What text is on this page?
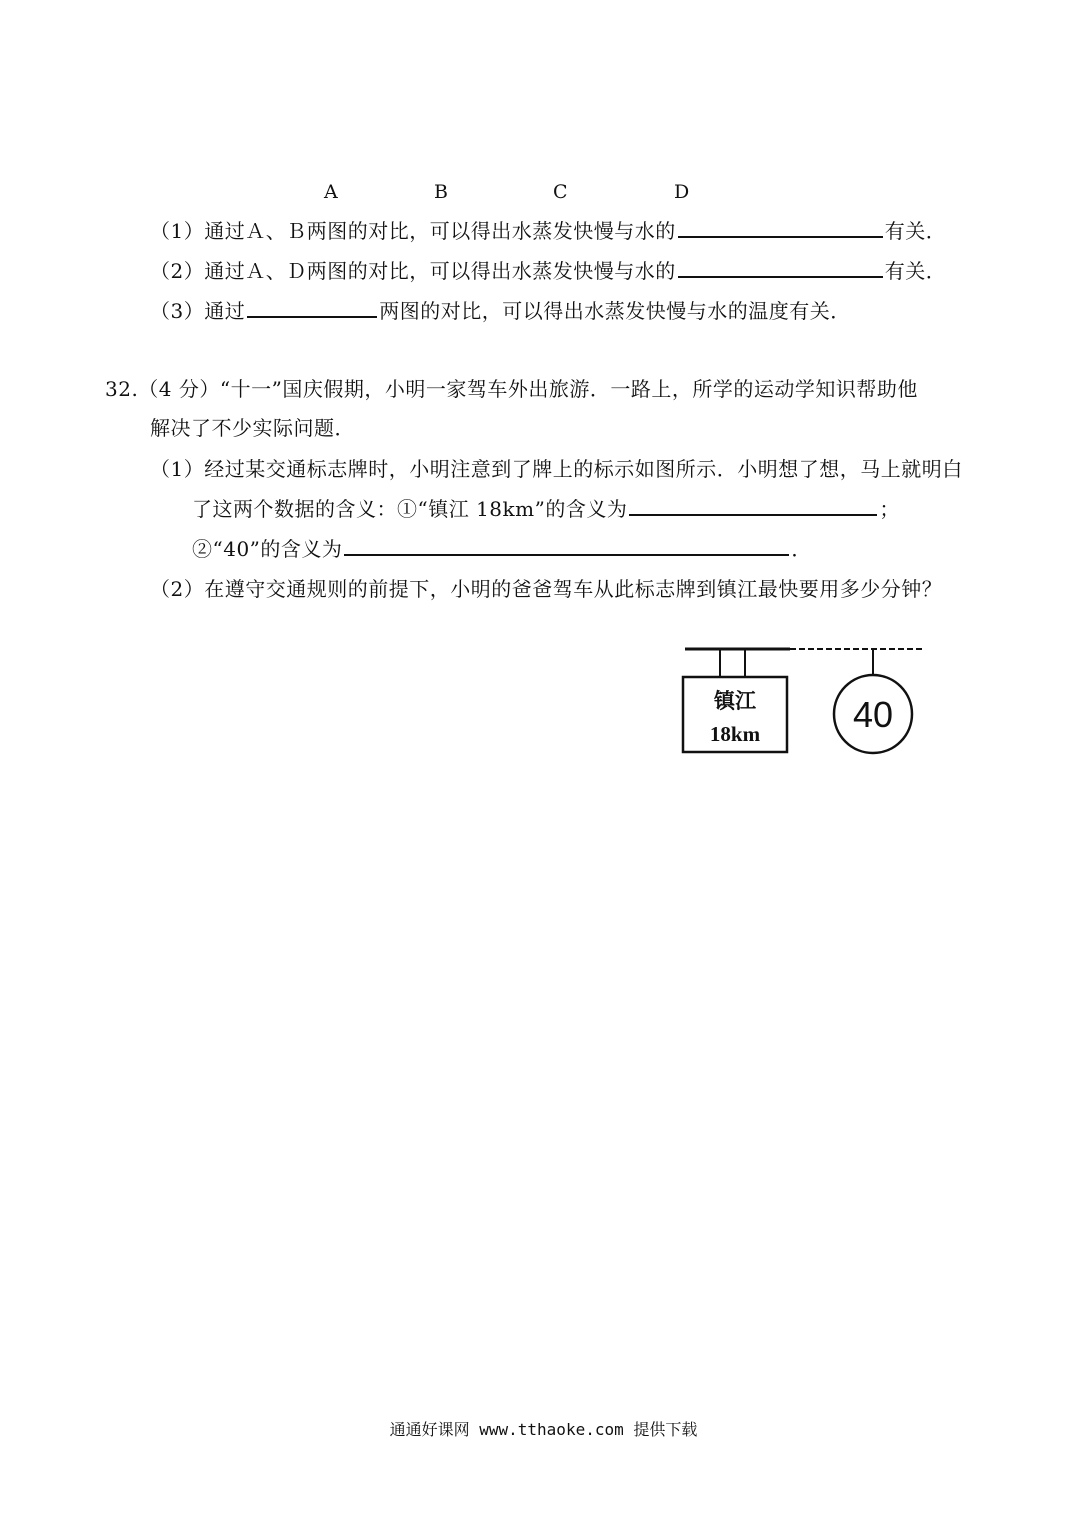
A	B	C	D
（1）通过Ａ、Ｂ两图的对比，可以得出水蒸发快慢与水的	有关．
（2）通过Ａ、Ｄ两图的对比，可以得出水蒸发快慢与水的	有关．
（3）通过	两图的对比，可以得出水蒸发快慢与水的温度有关．
32.（4 分）“十一”国庆假期，小明一家驾车外出旅游．一路上，所学的运动学知识帮助他
解决了不少实际问题．
（1）经过某交通标志牌时，小明注意到了牌上的标示如图所示．小明想了想，马上就明白
了这两个数据的含义：①“镇江 18km”的含义为	；
②“40”的含义为	．
（2）在遵守交通规则的前提下，小明的爸爸驾车从此标志牌到镇江最快要用多少分钟？
镇江
18km	40
通通好课网 www.tthaoke.com 提供下载
